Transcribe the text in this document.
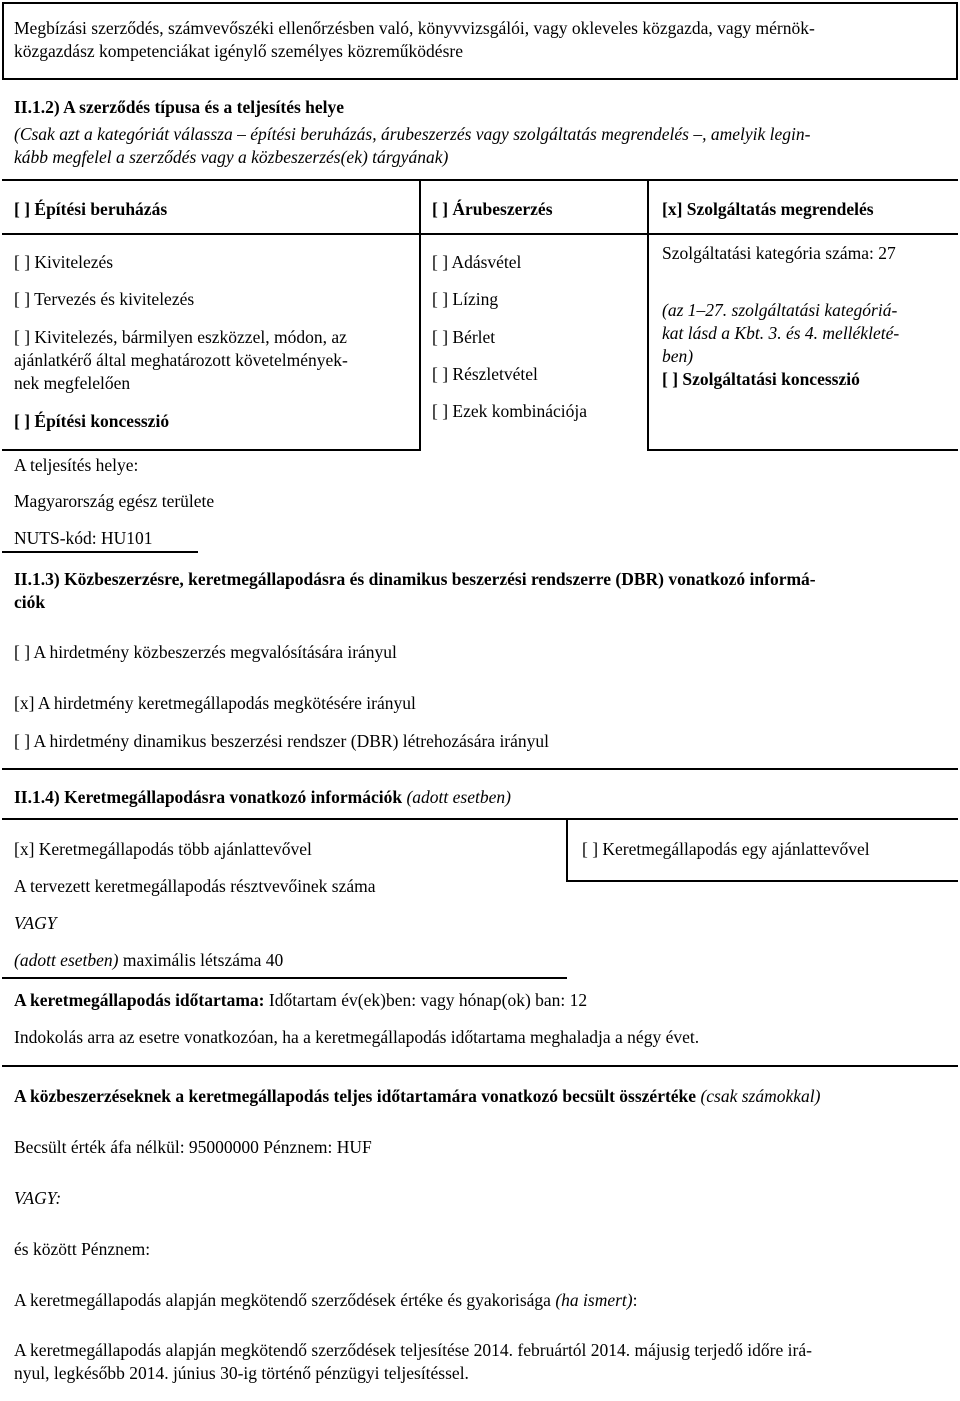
Megbízási szerződés, számvevőszéki ellenőrzésben való, könyvvizsgálói, vagy okleveles közgazda, vagy mérnök-
közgazdász kompetenciákat igénylő személyes közreműködésre
II.1.2) A szerződés típusa és a teljesítés helye
(Csak azt a kategóriát válassza – építési beruházás, árubeszerzés vagy szolgáltatás megrendelés –, amelyik legin-
kább megfelel a szerződés vagy a közbeszerzés(ek) tárgyának)
[ ] Építési beruházás	[ ] Árubeszerzés	[x] Szolgáltatás megrendelés
[ ] Kivitelezés
[ ] Tervezés és kivitelezés
[ ] Kivitelezés, bármilyen eszközzel, módon, az
ajánlatkérő által meghatározott követelmények-
nek megfelelően
[ ] Építési koncesszió
[ ] Adásvétel
[ ] Lízing
[ ] Bérlet
[ ] Részletvétel
[ ] Ezek kombinációja
Szolgáltatási kategória száma: 27
(az 1–27. szolgáltatási kategóriá-
kat lásd a Kbt. 3. és 4. mellékleté-
ben)
[ ] Szolgáltatási koncesszió
A teljesítés helye:
Magyarország egész területe
NUTS-kód: HU101
II.1.3) Közbeszerzésre, keretmegállapodásra és dinamikus beszerzési rendszerre (DBR) vonatkozó informá-
ciók
[ ] A hirdetmény közbeszerzés megvalósítására irányul
[x] A hirdetmény keretmegállapodás megkötésére irányul
[ ] A hirdetmény dinamikus beszerzési rendszer (DBR) létrehozására irányul
II.1.4) Keretmegállapodásra vonatkozó információk (adott esetben)
[x] Keretmegállapodás több ajánlattevővel
A tervezett keretmegállapodás résztvevőinek száma
VAGY
(adott esetben) maximális létszáma 40
[ ] Keretmegállapodás egy ajánlattevővel
A keretmegállapodás időtartama: Időtartam év(ek)ben: vagy hónap(ok) ban: 12
Indokolás arra az esetre vonatkozóan, ha a keretmegállapodás időtartama meghaladja a négy évet.
A közbeszerzéseknek a keretmegállapodás teljes időtartamára vonatkozó becsült összértéke (csak számokkal)
Becsült érték áfa nélkül: 95000000 Pénznem: HUF
VAGY:
és között Pénznem:
A keretmegállapodás alapján megkötendő szerződések értéke és gyakorisága (ha ismert):
A keretmegállapodás alapján megkötendő szerződések teljesítése 2014. februártól 2014. májusig terjedő időre irá-
nyul, legkésőbb 2014. június 30-ig történő pénzügyi teljesítéssel.
